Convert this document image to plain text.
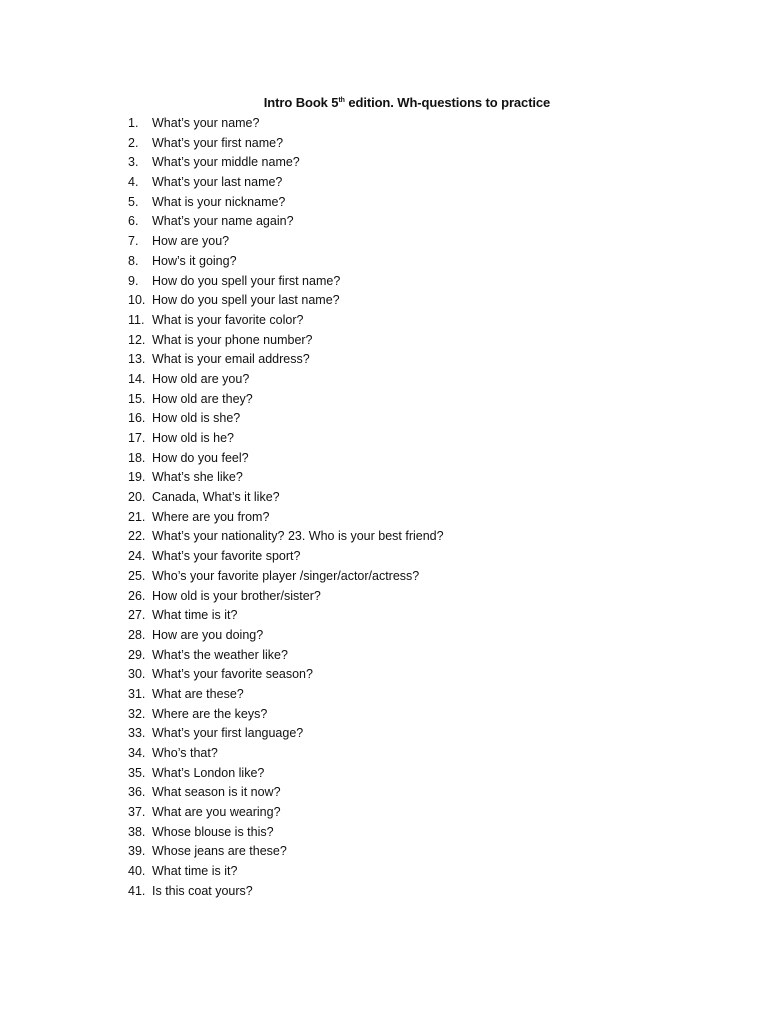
Intro Book 5th edition. Wh-questions to practice
1.	What’s your name?
2.	What’s your first name?
3.	What’s your middle name?
4.	What’s your last name?
5.	What is your nickname?
6.	What’s your name again?
7.	How are you?
8.	How’s it going?
9.	How do you spell your first name?
10. How do you spell your last name?
11. What is your favorite color?
12. What is your phone number?
13. What is your email address?
14. How old are you?
15. How old are they?
16. How old is she?
17. How old is he?
18. How do you feel?
19. What’s she like?
20. Canada, What’s it like?
21. Where are you from?
22. What’s your nationality? 23. Who is your best friend?
24. What’s your favorite sport?
25. Who’s your favorite player /singer/actor/actress?
26. How old is your brother/sister?
27. What time is it?
28. How are you doing?
29. What’s the weather like?
30. What’s your favorite season?
31. What are these?
32. Where are the keys?
33. What’s your first language?
34. Who’s that?
35. What’s London like?
36. What season is it now?
37. What are you wearing?
38. Whose blouse is this?
39. Whose jeans are these?
40. What time is it?
41. Is this coat yours?
